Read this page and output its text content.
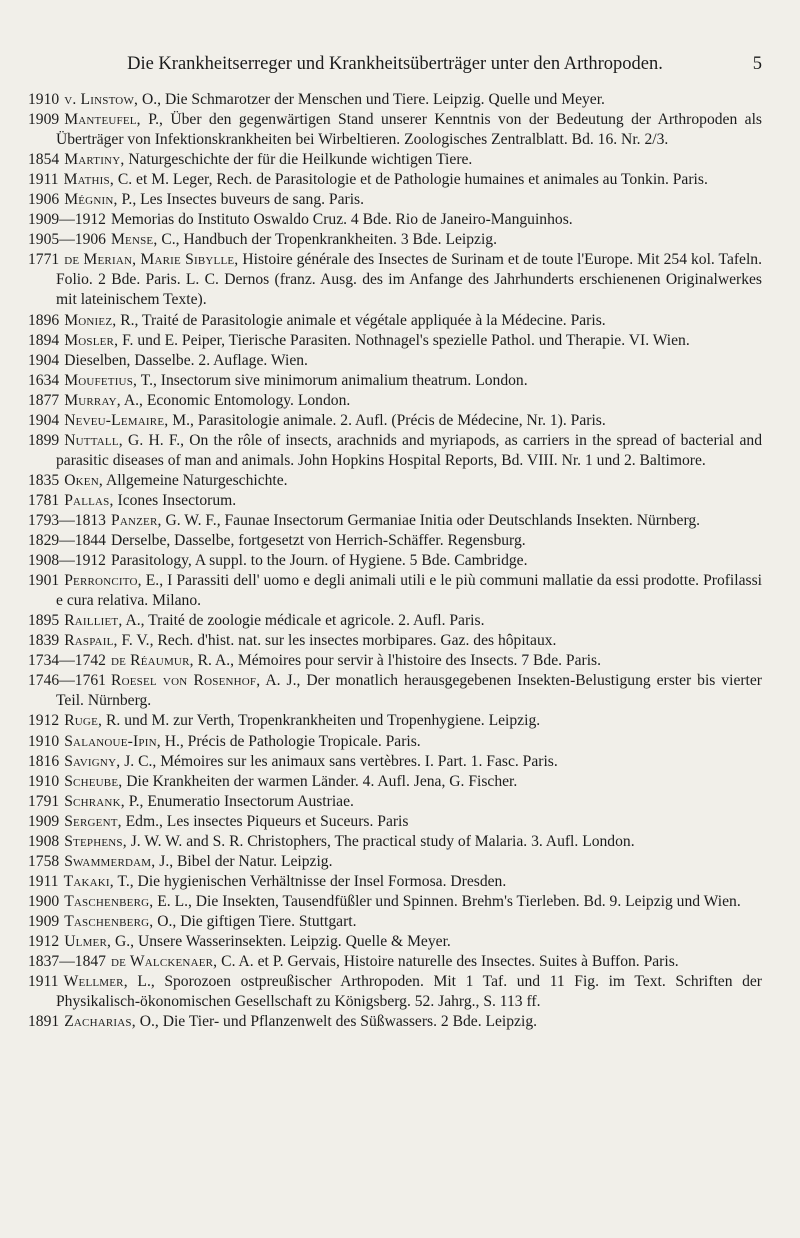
Die Krankheitserreger und Krankheitsüberträger unter den Arthropoden.	5
1910 v. Linstow, O., Die Schmarotzer der Menschen und Tiere. Leipzig. Quelle und Meyer.
1909 Manteufel, P., Über den gegenwärtigen Stand unserer Kenntnis von der Bedeutung der Arthropoden als Überträger von Infektionskrankheiten bei Wirbeltieren. Zoologisches Zentralblatt. Bd. 16. Nr. 2/3.
1854 Martiny, Naturgeschichte der für die Heilkunde wichtigen Tiere.
1911 Mathis, C. et M. Leger, Rech. de Parasitologie et de Pathologie humaines et animales au Tonkin. Paris.
1906 Mégnin, P., Les Insectes buveurs de sang. Paris.
1909—1912 Memorias do Instituto Oswaldo Cruz. 4 Bde. Rio de Janeiro-Manguinhos.
1905—1906 Mense, C., Handbuch der Tropenkrankheiten. 3 Bde. Leipzig.
1771 de Merian, Marie Sibylle, Histoire générale des Insectes de Surinam et de toute l'Europe. Mit 254 kol. Tafeln. Folio. 2 Bde. Paris. L. C. Dernos (franz. Ausg. des im Anfange des Jahrhunderts erschienenen Originalwerkes mit lateinischem Texte).
1896 Moniez, R., Traité de Parasitologie animale et végétale appliquée à la Médecine. Paris.
1894 Mosler, F. und E. Peiper, Tierische Parasiten. Nothnagel's spezielle Pathol. und Therapie. VI. Wien.
1904 Dieselben, Dasselbe. 2. Auflage. Wien.
1634 Moufetius, T., Insectorum sive minimorum animalium theatrum. London.
1877 Murray, A., Economic Entomology. London.
1904 Neveu-Lemaire, M., Parasitologie animale. 2. Aufl. (Précis de Médecine, Nr. 1). Paris.
1899 Nuttall, G. H. F., On the rôle of insects, arachnids and myriapods, as carriers in the spread of bacterial and parasitic diseases of man and animals. John Hopkins Hospital Reports, Bd. VIII. Nr. 1 und 2. Baltimore.
1835 Oken, Allgemeine Naturgeschichte.
1781 Pallas, Icones Insectorum.
1793—1813 Panzer, G. W. F., Faunae Insectorum Germaniae Initia oder Deutschlands Insekten. Nürnberg.
1829—1844 Derselbe, Dasselbe, fortgesetzt von Herrich-Schäffer. Regensburg.
1908—1912 Parasitology, A suppl. to the Journ. of Hygiene. 5 Bde. Cambridge.
1901 Perroncito, E., I Parassiti dell' uomo e degli animali utili e le più communi mallatie da essi prodotte. Profilassi e cura relativa. Milano.
1895 Railliet, A., Traité de zoologie médicale et agricole. 2. Aufl. Paris.
1839 Raspail, F. V., Rech. d'hist. nat. sur les insectes morbipares. Gaz. des hôpitaux.
1734—1742 de Réaumur, R. A., Mémoires pour servir à l'histoire des Insects. 7 Bde. Paris.
1746—1761 Roesel von Rosenhof, A. J., Der monatlich herausgegebenen Insekten-Belustigung erster bis vierter Teil. Nürnberg.
1912 Ruge, R. und M. zur Verth, Tropenkrankheiten und Tropenhygiene. Leipzig.
1910 Salanoue-Ipin, H., Précis de Pathologie Tropicale. Paris.
1816 Savigny, J. C., Mémoires sur les animaux sans vertèbres. I. Part. 1. Fasc. Paris.
1910 Scheube, Die Krankheiten der warmen Länder. 4. Aufl. Jena, G. Fischer.
1791 Schrank, P., Enumeratio Insectorum Austriae.
1909 Sergent, Edm., Les insectes Piqueurs et Suceurs. Paris
1908 Stephens, J. W. W. and S. R. Christophers, The practical study of Malaria. 3. Aufl. London.
1758 Swammerdam, J., Bibel der Natur. Leipzig.
1911 Takaki, T., Die hygienischen Verhältnisse der Insel Formosa. Dresden.
1900 Taschenberg, E. L., Die Insekten, Tausendfüßler und Spinnen. Brehm's Tierleben. Bd. 9. Leipzig und Wien.
1909 Taschenberg, O., Die giftigen Tiere. Stuttgart.
1912 Ulmer, G., Unsere Wasserinsekten. Leipzig. Quelle & Meyer.
1837—1847 de Walckenaer, C. A. et P. Gervais, Histoire naturelle des Insectes. Suites à Buffon. Paris.
1911 Wellmer, L., Sporozoen ostpreußischer Arthropoden. Mit 1 Taf. und 11 Fig. im Text. Schriften der Physikalisch-ökonomischen Gesellschaft zu Königsberg. 52. Jahrg., S. 113 ff.
1891 Zacharias, O., Die Tier- und Pflanzenwelt des Süßwassers. 2 Bde. Leipzig.
